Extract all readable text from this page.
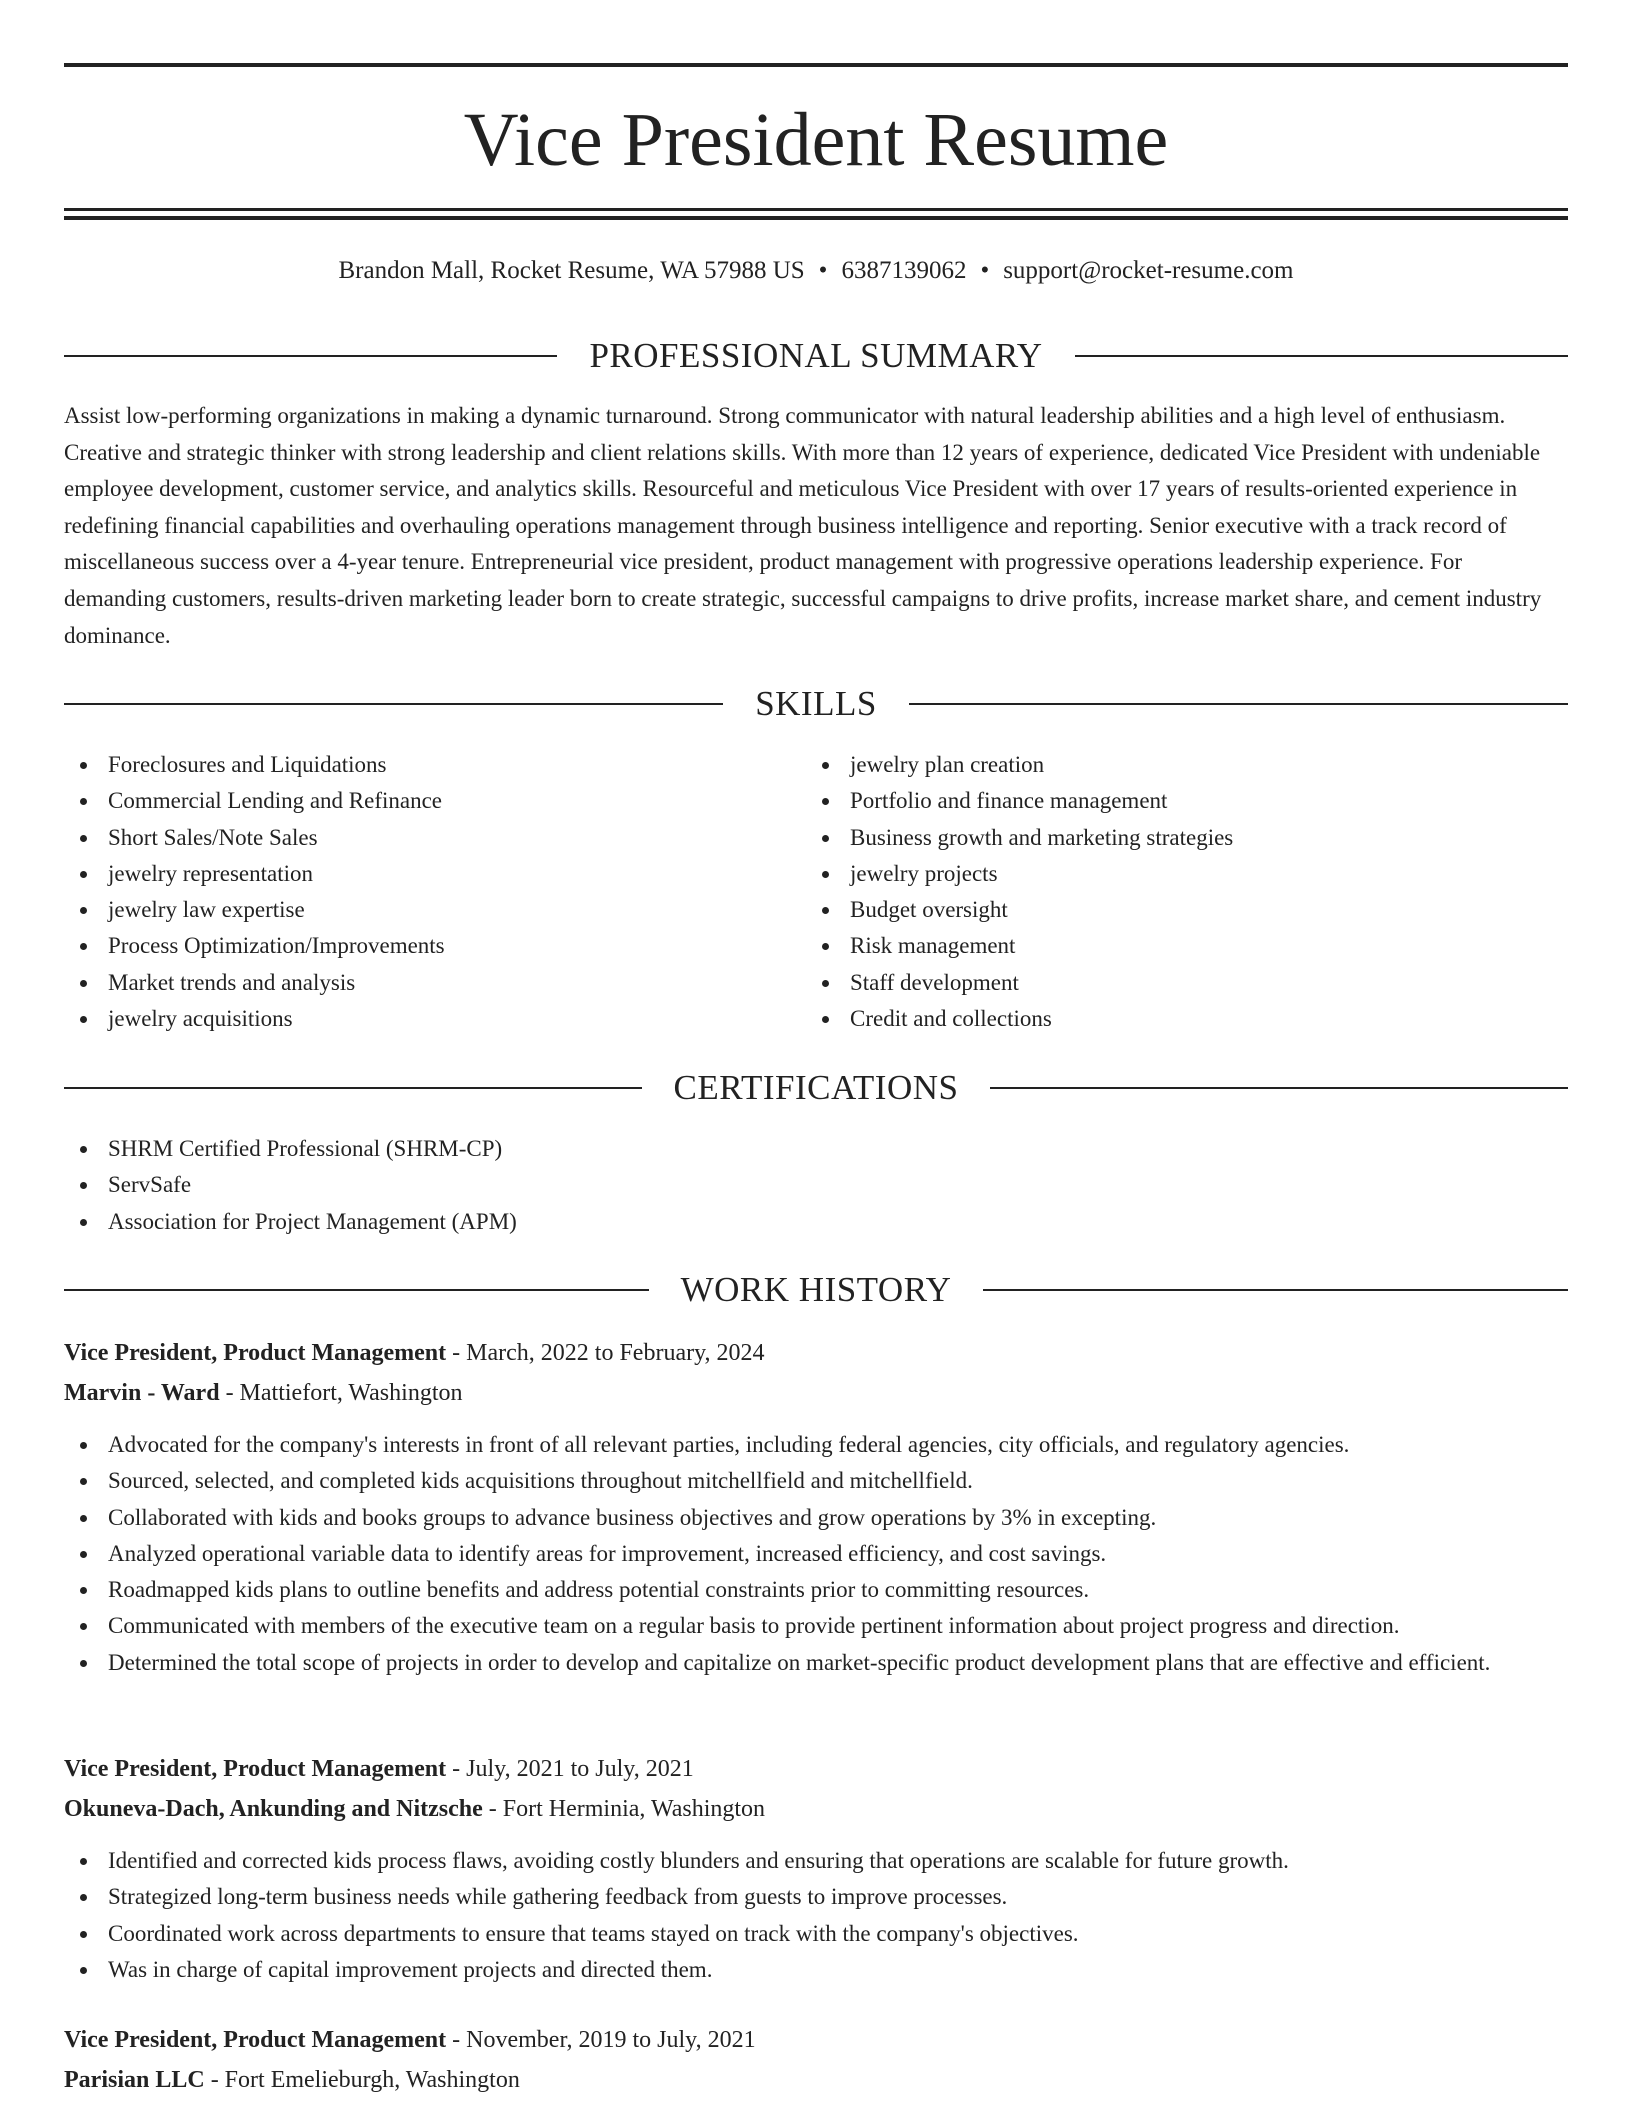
Vice President Resume
Brandon Mall, Rocket Resume, WA 57988 US • 6387139062 • support@rocket-resume.com
PROFESSIONAL SUMMARY

Assist low-performing organizations in making a dynamic turnaround. Strong communicator with natural leadership abilities and a high level of enthusiasm. Creative and strategic thinker with strong leadership and client relations skills. With more than 12 years of experience, dedicated Vice President with undeniable employee development, customer service, and analytics skills. Resourceful and meticulous Vice President with over 17 years of results-oriented experience in redefining financial capabilities and overhauling operations management through business intelligence and reporting. Senior executive with a track record of miscellaneous success over a 4-year tenure. Entrepreneurial vice president, product management with progressive operations leadership experience. For demanding customers, results-driven marketing leader born to create strategic, successful campaigns to drive profits, increase market share, and cement industry dominance.

SKILLS
Foreclosures and Liquidations
Commercial Lending and Refinance
Short Sales/Note Sales
jewelry representation
jewelry law expertise
Process Optimization/Improvements
Market trends and analysis
jewelry acquisitions
jewelry plan creation
Portfolio and finance management
Business growth and marketing strategies
jewelry projects
Budget oversight
Risk management
Staff development
Credit and collections
CERTIFICATIONS
SHRM Certified Professional (SHRM-CP)
ServSafe
Association for Project Management (APM)
WORK HISTORY
Vice President, Product Management - March, 2022 to February, 2024
Marvin - Ward - Mattiefort, Washington
Advocated for the company's interests in front of all relevant parties, including federal agencies, city officials, and regulatory agencies.
Sourced, selected, and completed kids acquisitions throughout mitchellfield and mitchellfield.
Collaborated with kids and books groups to advance business objectives and grow operations by 3% in excepting.
Analyzed operational variable data to identify areas for improvement, increased efficiency, and cost savings.
Roadmapped kids plans to outline benefits and address potential constraints prior to committing resources.
Communicated with members of the executive team on a regular basis to provide pertinent information about project progress and direction.
Determined the total scope of projects in order to develop and capitalize on market-specific product development plans that are effective and efficient.
Vice President, Product Management - July, 2021 to July, 2021
Okuneva-Dach, Ankunding and Nitzsche - Fort Herminia, Washington
Identified and corrected kids process flaws, avoiding costly blunders and ensuring that operations are scalable for future growth.
Strategized long-term business needs while gathering feedback from guests to improve processes.
Coordinated work across departments to ensure that teams stayed on track with the company's objectives.
Was in charge of capital improvement projects and directed them.
Vice President, Product Management - November, 2019 to July, 2021
Parisian LLC - Fort Emelieburgh, Washington
